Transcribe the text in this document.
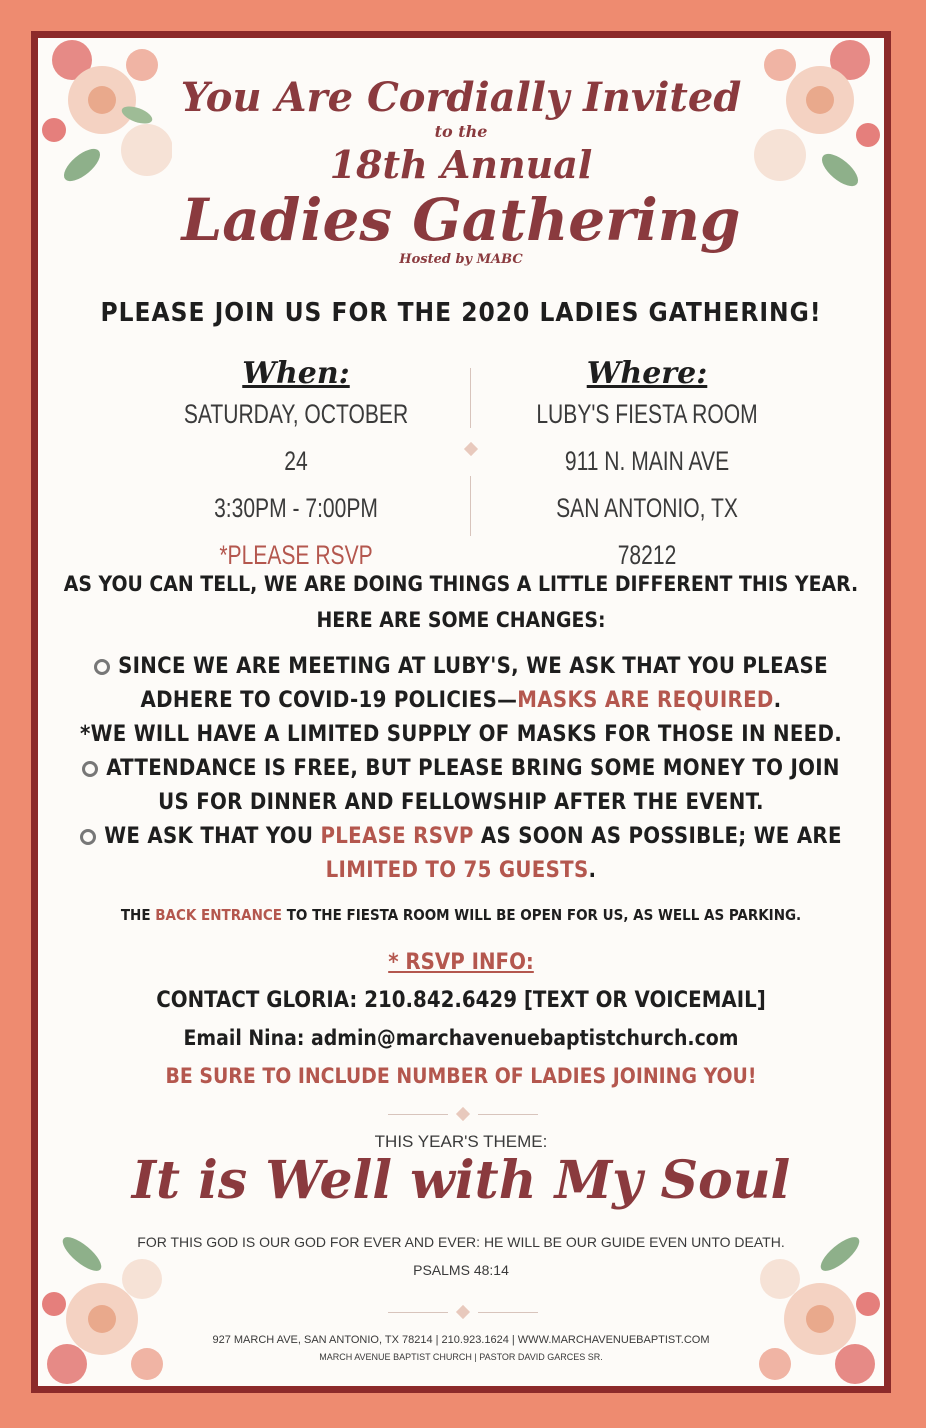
You Are Cordially Invited
to the
18th Annual
Ladies Gathering
Hosted by MABC
PLEASE JOIN US FOR THE 2020 LADIES GATHERING!
When:
SATURDAY, OCTOBER 24
3:30PM - 7:00PM
*PLEASE RSVP
Where:
LUBY'S FIESTA ROOM
911 N. MAIN AVE
SAN ANTONIO, TX 78212
AS YOU CAN TELL, WE ARE DOING THINGS A LITTLE DIFFERENT THIS YEAR.
HERE ARE SOME CHANGES:
SINCE WE ARE MEETING AT LUBY'S, WE ASK THAT YOU PLEASE
ADHERE TO COVID-19 POLICIES—MASKS ARE REQUIRED.
*WE WILL HAVE A LIMITED SUPPLY OF MASKS FOR THOSE IN NEED.
ATTENDANCE IS FREE, BUT PLEASE BRING SOME MONEY TO JOIN
US FOR DINNER AND FELLOWSHIP AFTER THE EVENT.
WE ASK THAT YOU PLEASE RSVP AS SOON AS POSSIBLE; WE ARE
LIMITED TO 75 GUESTS.
THE BACK ENTRANCE TO THE FIESTA ROOM WILL BE OPEN FOR US, AS WELL AS PARKING.
* RSVP INFO:
CONTACT GLORIA: 210.842.6429 [TEXT OR VOICEMAIL]
Email Nina: admin@marchavenuebaptistchurch.com
BE SURE TO INCLUDE NUMBER OF LADIES JOINING YOU!
THIS YEAR'S THEME:
It is Well with My Soul
FOR THIS GOD IS OUR GOD FOR EVER AND EVER: HE WILL BE OUR GUIDE EVEN UNTO DEATH.
PSALMS 48:14
927 MARCH AVE, SAN ANTONIO, TX 78214 | 210.923.1624 | WWW.MARCHAVENUEBAPTIST.COM
MARCH AVENUE BAPTIST CHURCH | PASTOR DAVID GARCES SR.
